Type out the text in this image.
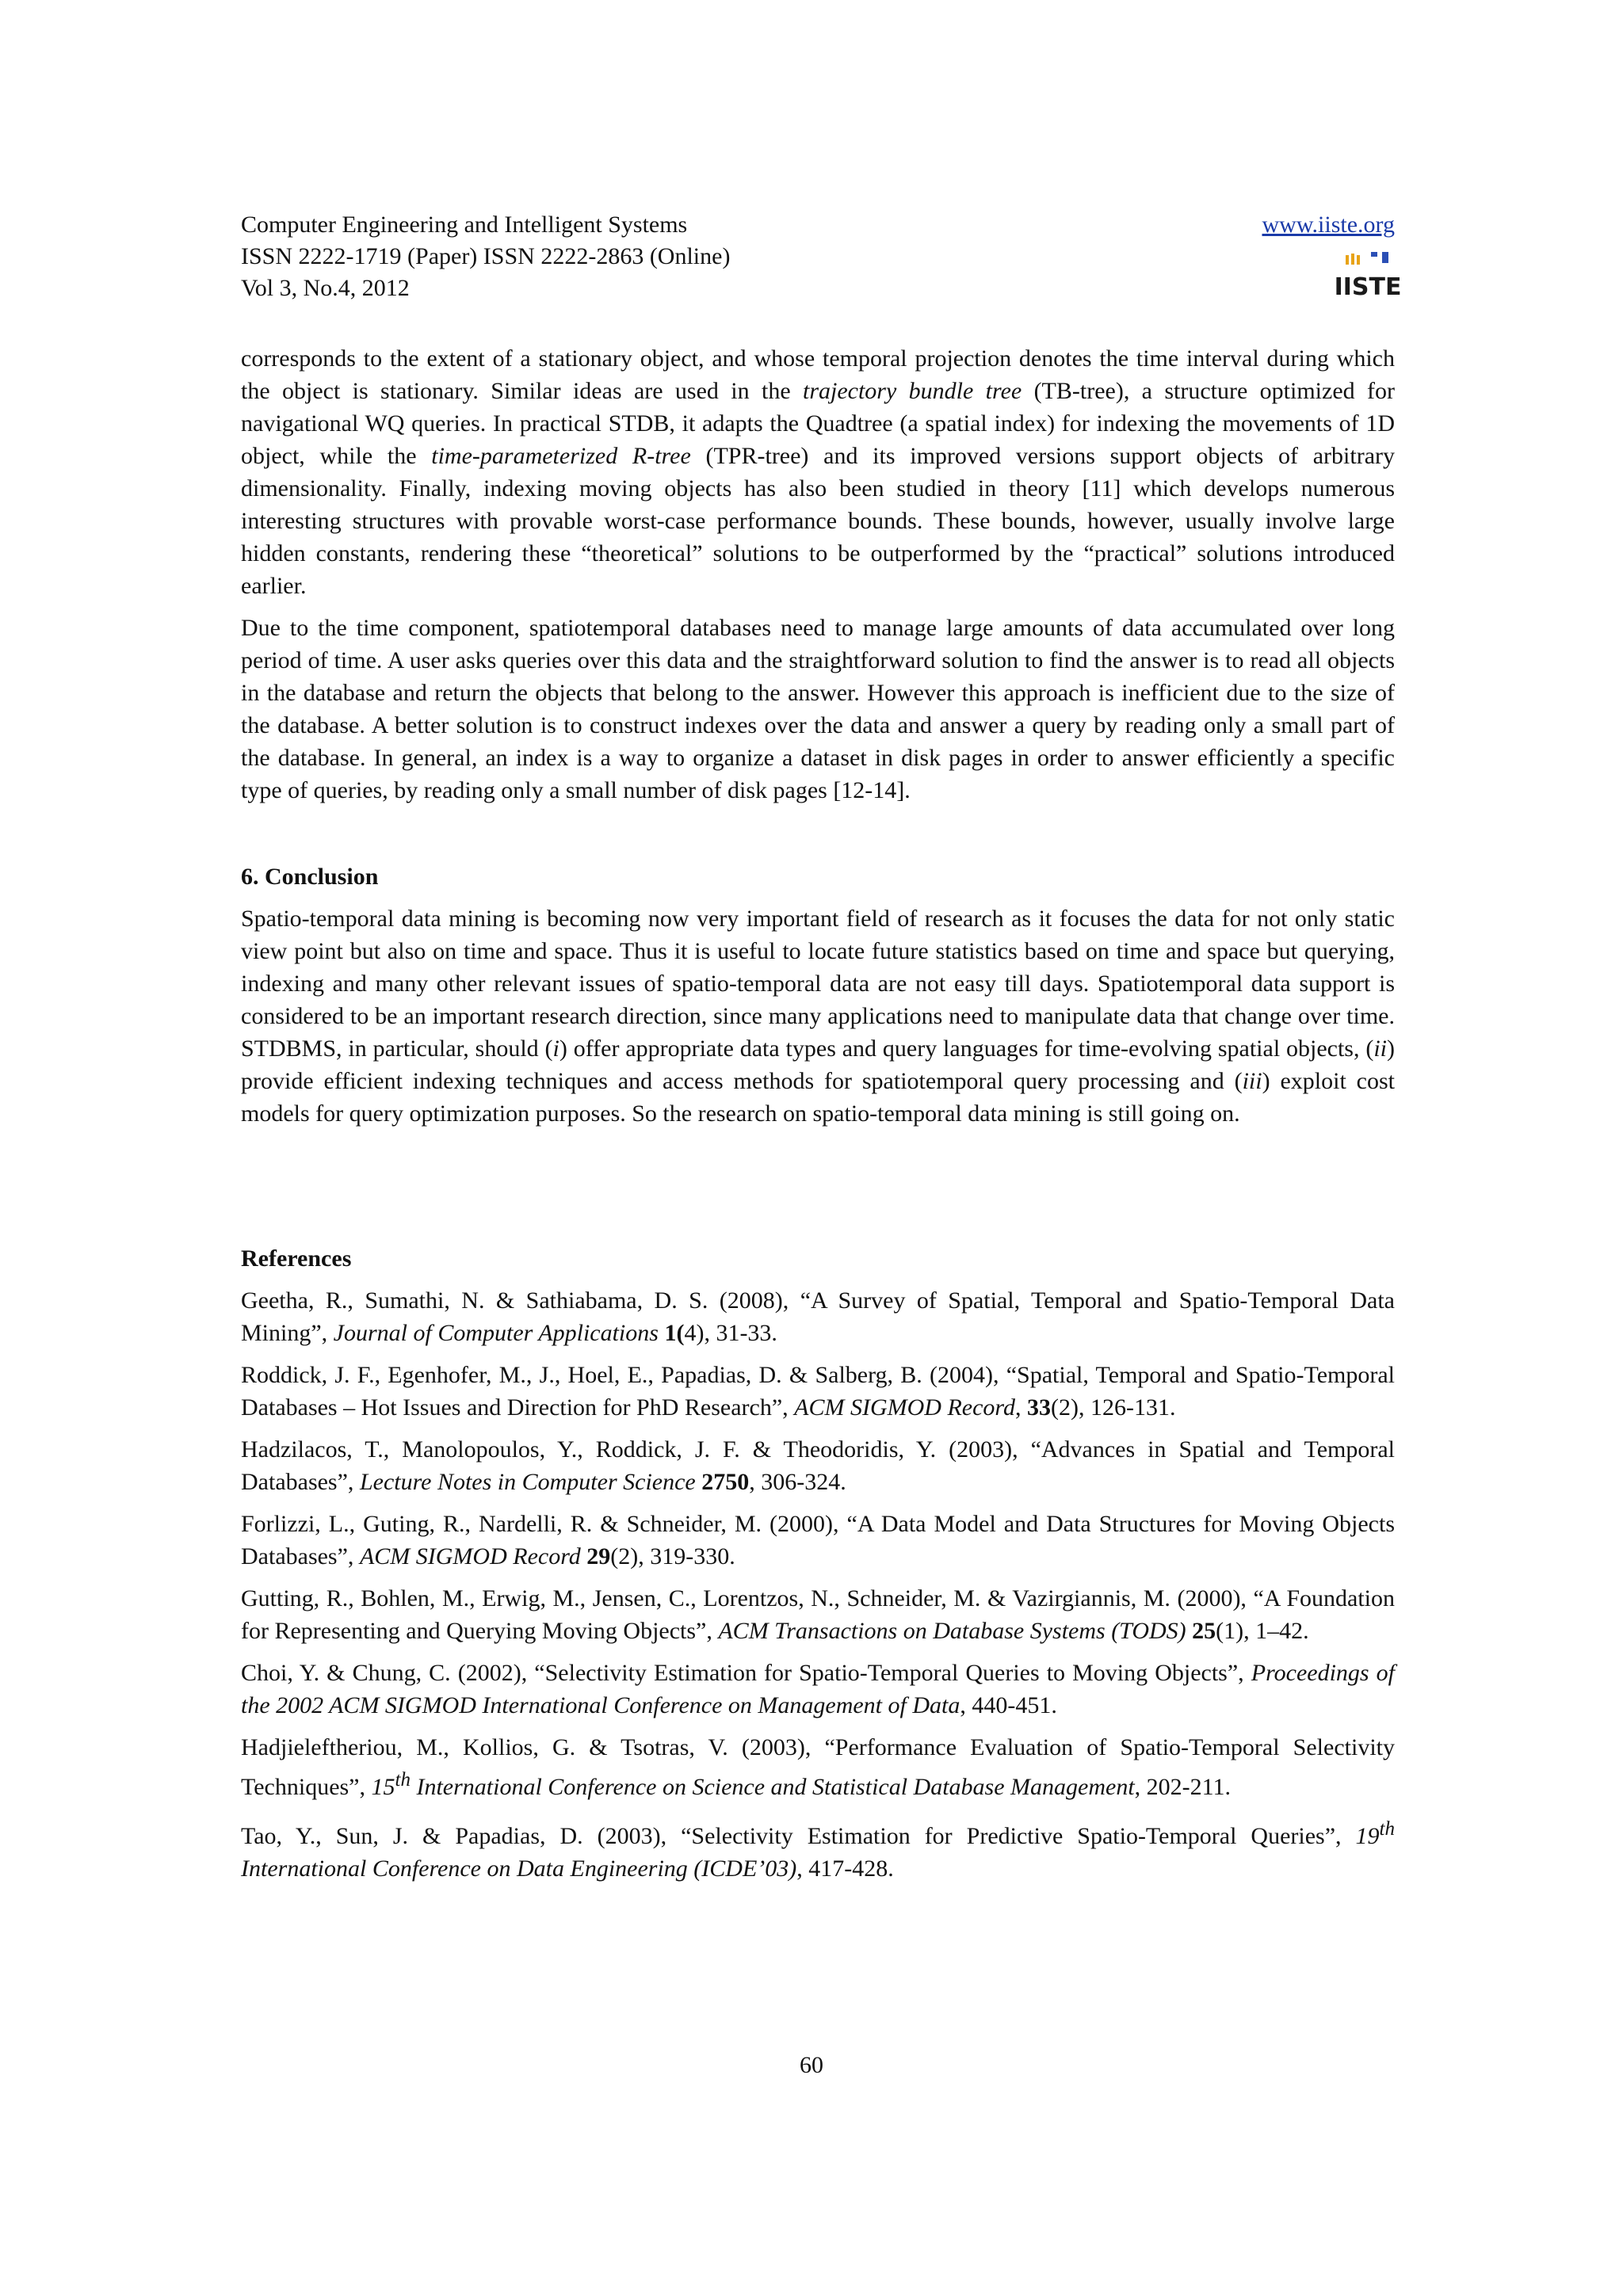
Computer Engineering and Intelligent Systems
ISSN 2222-1719 (Paper) ISSN 2222-2863 (Online)
Vol 3, No.4, 2012
www.iiste.org
IISTE

corresponds to the extent of a stationary object, and whose temporal projection denotes the time interval during which the object is stationary. Similar ideas are used in the trajectory bundle tree (TB-tree), a structure optimized for navigational WQ queries. In practical STDB, it adapts the Quadtree (a spatial index) for indexing the movements of 1D object, while the time-parameterized R-tree (TPR-tree) and its improved versions support objects of arbitrary dimensionality. Finally, indexing moving objects has also been studied in theory [11] which develops numerous interesting structures with provable worst-case performance bounds. These bounds, however, usually involve large hidden constants, rendering these “theoretical” solutions to be outperformed by the “practical” solutions introduced earlier.

Due to the time component, spatiotemporal databases need to manage large amounts of data accumulated over long period of time. A user asks queries over this data and the straightforward solution to find the answer is to read all objects in the database and return the objects that belong to the answer. However this approach is inefficient due to the size of the database. A better solution is to construct indexes over the data and answer a query by reading only a small part of the database. In general, an index is a way to organize a dataset in disk pages in order to answer efficiently a specific type of queries, by reading only a small number of disk pages [12-14].

6. Conclusion

Spatio-temporal data mining is becoming now very important field of research as it focuses the data for not only static view point but also on time and space. Thus it is useful to locate future statistics based on time and space but querying, indexing and many other relevant issues of spatio-temporal data are not easy till days. Spatiotemporal data support is considered to be an important research direction, since many applications need to manipulate data that change over time. STDBMS, in particular, should (i) offer appropriate data types and query languages for time-evolving spatial objects, (ii) provide efficient indexing techniques and access methods for spatiotemporal query processing and (iii) exploit cost models for query optimization purposes. So the research on spatio-temporal data mining is still going on.

References

Geetha, R., Sumathi, N. & Sathiabama, D. S. (2008), “A Survey of Spatial, Temporal and Spatio-Temporal Data Mining”, Journal of Computer Applications 1(4), 31-33.

Roddick, J. F., Egenhofer, M., J., Hoel, E., Papadias, D. & Salberg, B. (2004), “Spatial, Temporal and Spatio-Temporal Databases – Hot Issues and Direction for PhD Research”, ACM SIGMOD Record, 33(2), 126-131.

Hadzilacos, T., Manolopoulos, Y., Roddick, J. F. & Theodoridis, Y. (2003), “Advances in Spatial and Temporal Databases”, Lecture Notes in Computer Science 2750, 306-324.

Forlizzi, L., Guting, R., Nardelli, R. & Schneider, M. (2000), “A Data Model and Data Structures for Moving Objects Databases”, ACM SIGMOD Record 29(2), 319-330.

Gutting, R., Bohlen, M., Erwig, M., Jensen, C., Lorentzos, N., Schneider, M. & Vazirgiannis, M. (2000), “A Foundation for Representing and Querying Moving Objects”, ACM Transactions on Database Systems (TODS) 25(1), 1–42.

Choi, Y. & Chung, C. (2002), “Selectivity Estimation for Spatio-Temporal Queries to Moving Objects”, Proceedings of the 2002 ACM SIGMOD International Conference on Management of Data, 440-451.

Hadjieleftheriou, M., Kollios, G. & Tsotras, V. (2003), “Performance Evaluation of Spatio-Temporal Selectivity Techniques”, 15th International Conference on Science and Statistical Database Management, 202-211.

Tao, Y., Sun, J. & Papadias, D. (2003), “Selectivity Estimation for Predictive Spatio-Temporal Queries”, 19th International Conference on Data Engineering (ICDE’03), 417-428.

60
